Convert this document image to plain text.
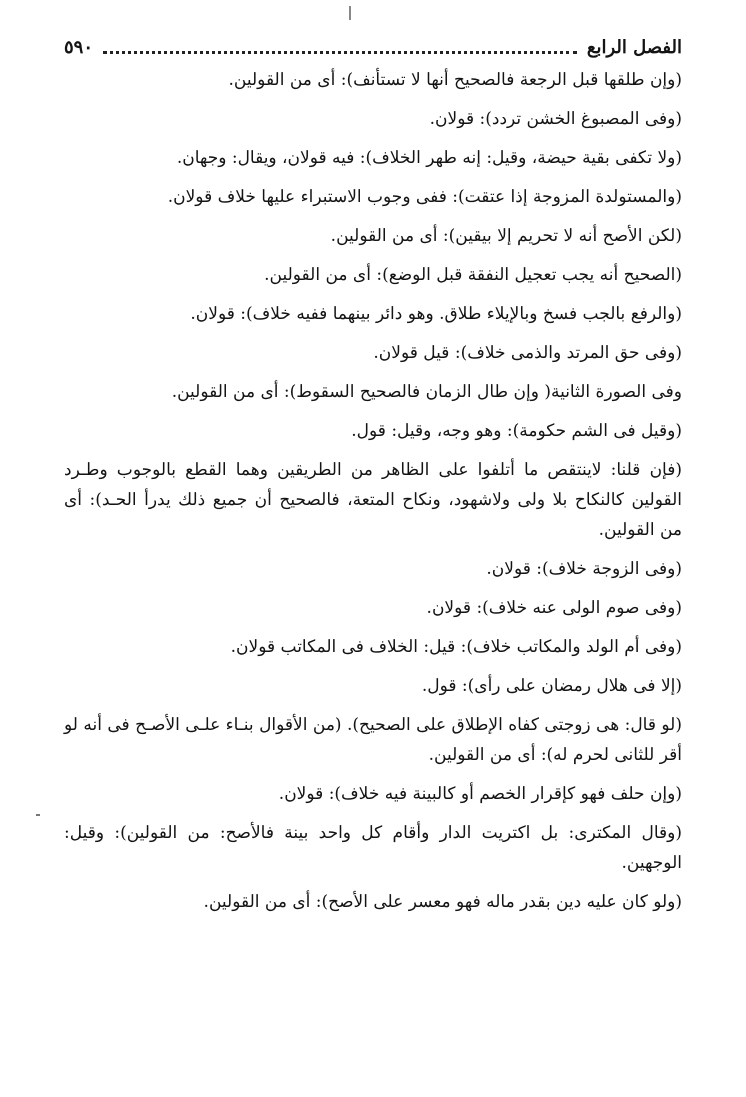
الفصل الرابع
٥٩٠

(وإن طلقها قبل الرجعة فالصحيح أنها لا تستأنف): أى من القولين.

(وفى المصبوغ الخشن تردد): قولان.

(ولا تكفى بقية حيضة، وقيل: إنه طهر الخلاف): فيه قولان، ويقال: وجهان.

(والمستولدة المزوجة إذا عتقت): ففى وجوب الاستبراء عليها خلاف قولان.

(لكن الأصح أنه لا تحريم إلا بيقين): أى من القولين.

(الصحيح أنه يجب تعجيل النفقة قبل الوضع): أى من القولين.

(والرفع بالجب فسخ وبالإيلاء طلاق. وهو دائر بينهما ففيه خلاف): قولان.

(وفى حق المرتد والذمى خلاف): قيل قولان.

وفى الصورة الثانية( وإن طال الزمان فالصحيح السقوط): أى من القولين.

(وقيل فى الشم حكومة): وهو وجه، وقيل: قول.

(فإن قلنا: لاينتقص ما أتلفوا على الظاهر من الطريقين وهما القطع بالوجوب وطـرد القولين كالنكاح بلا ولى ولاشهود، ونكاح المتعة، فالصحيح أن جميع ذلك يدرأ الحـد): أى من القولين.

(وفى الزوجة خلاف): قولان.

(وفى صوم الولى عنه خلاف): قولان.

(وفى أم الولد والمكاتب خلاف): قيل: الخلاف فى المكاتب قولان.

(إلا فى هلال رمضان على رأى): قول.

(لو قال: هى زوجتى كفاه الإطلاق على الصحيح). (من الأقوال بنـاء علـى الأصـح فى أنه لو أقر للثانى لحرم له): أى من القولين.

(وإن حلف فهو كإقرار الخصم أو كالبينة فيه خلاف): قولان.

(وقال المكترى: بل اكتريت الدار وأقام كل واحد بينة فالأصح: من القولين): وقيل: الوجهين.

(ولو كان عليه دين بقدر ماله فهو معسر على الأصح): أى من القولين.
